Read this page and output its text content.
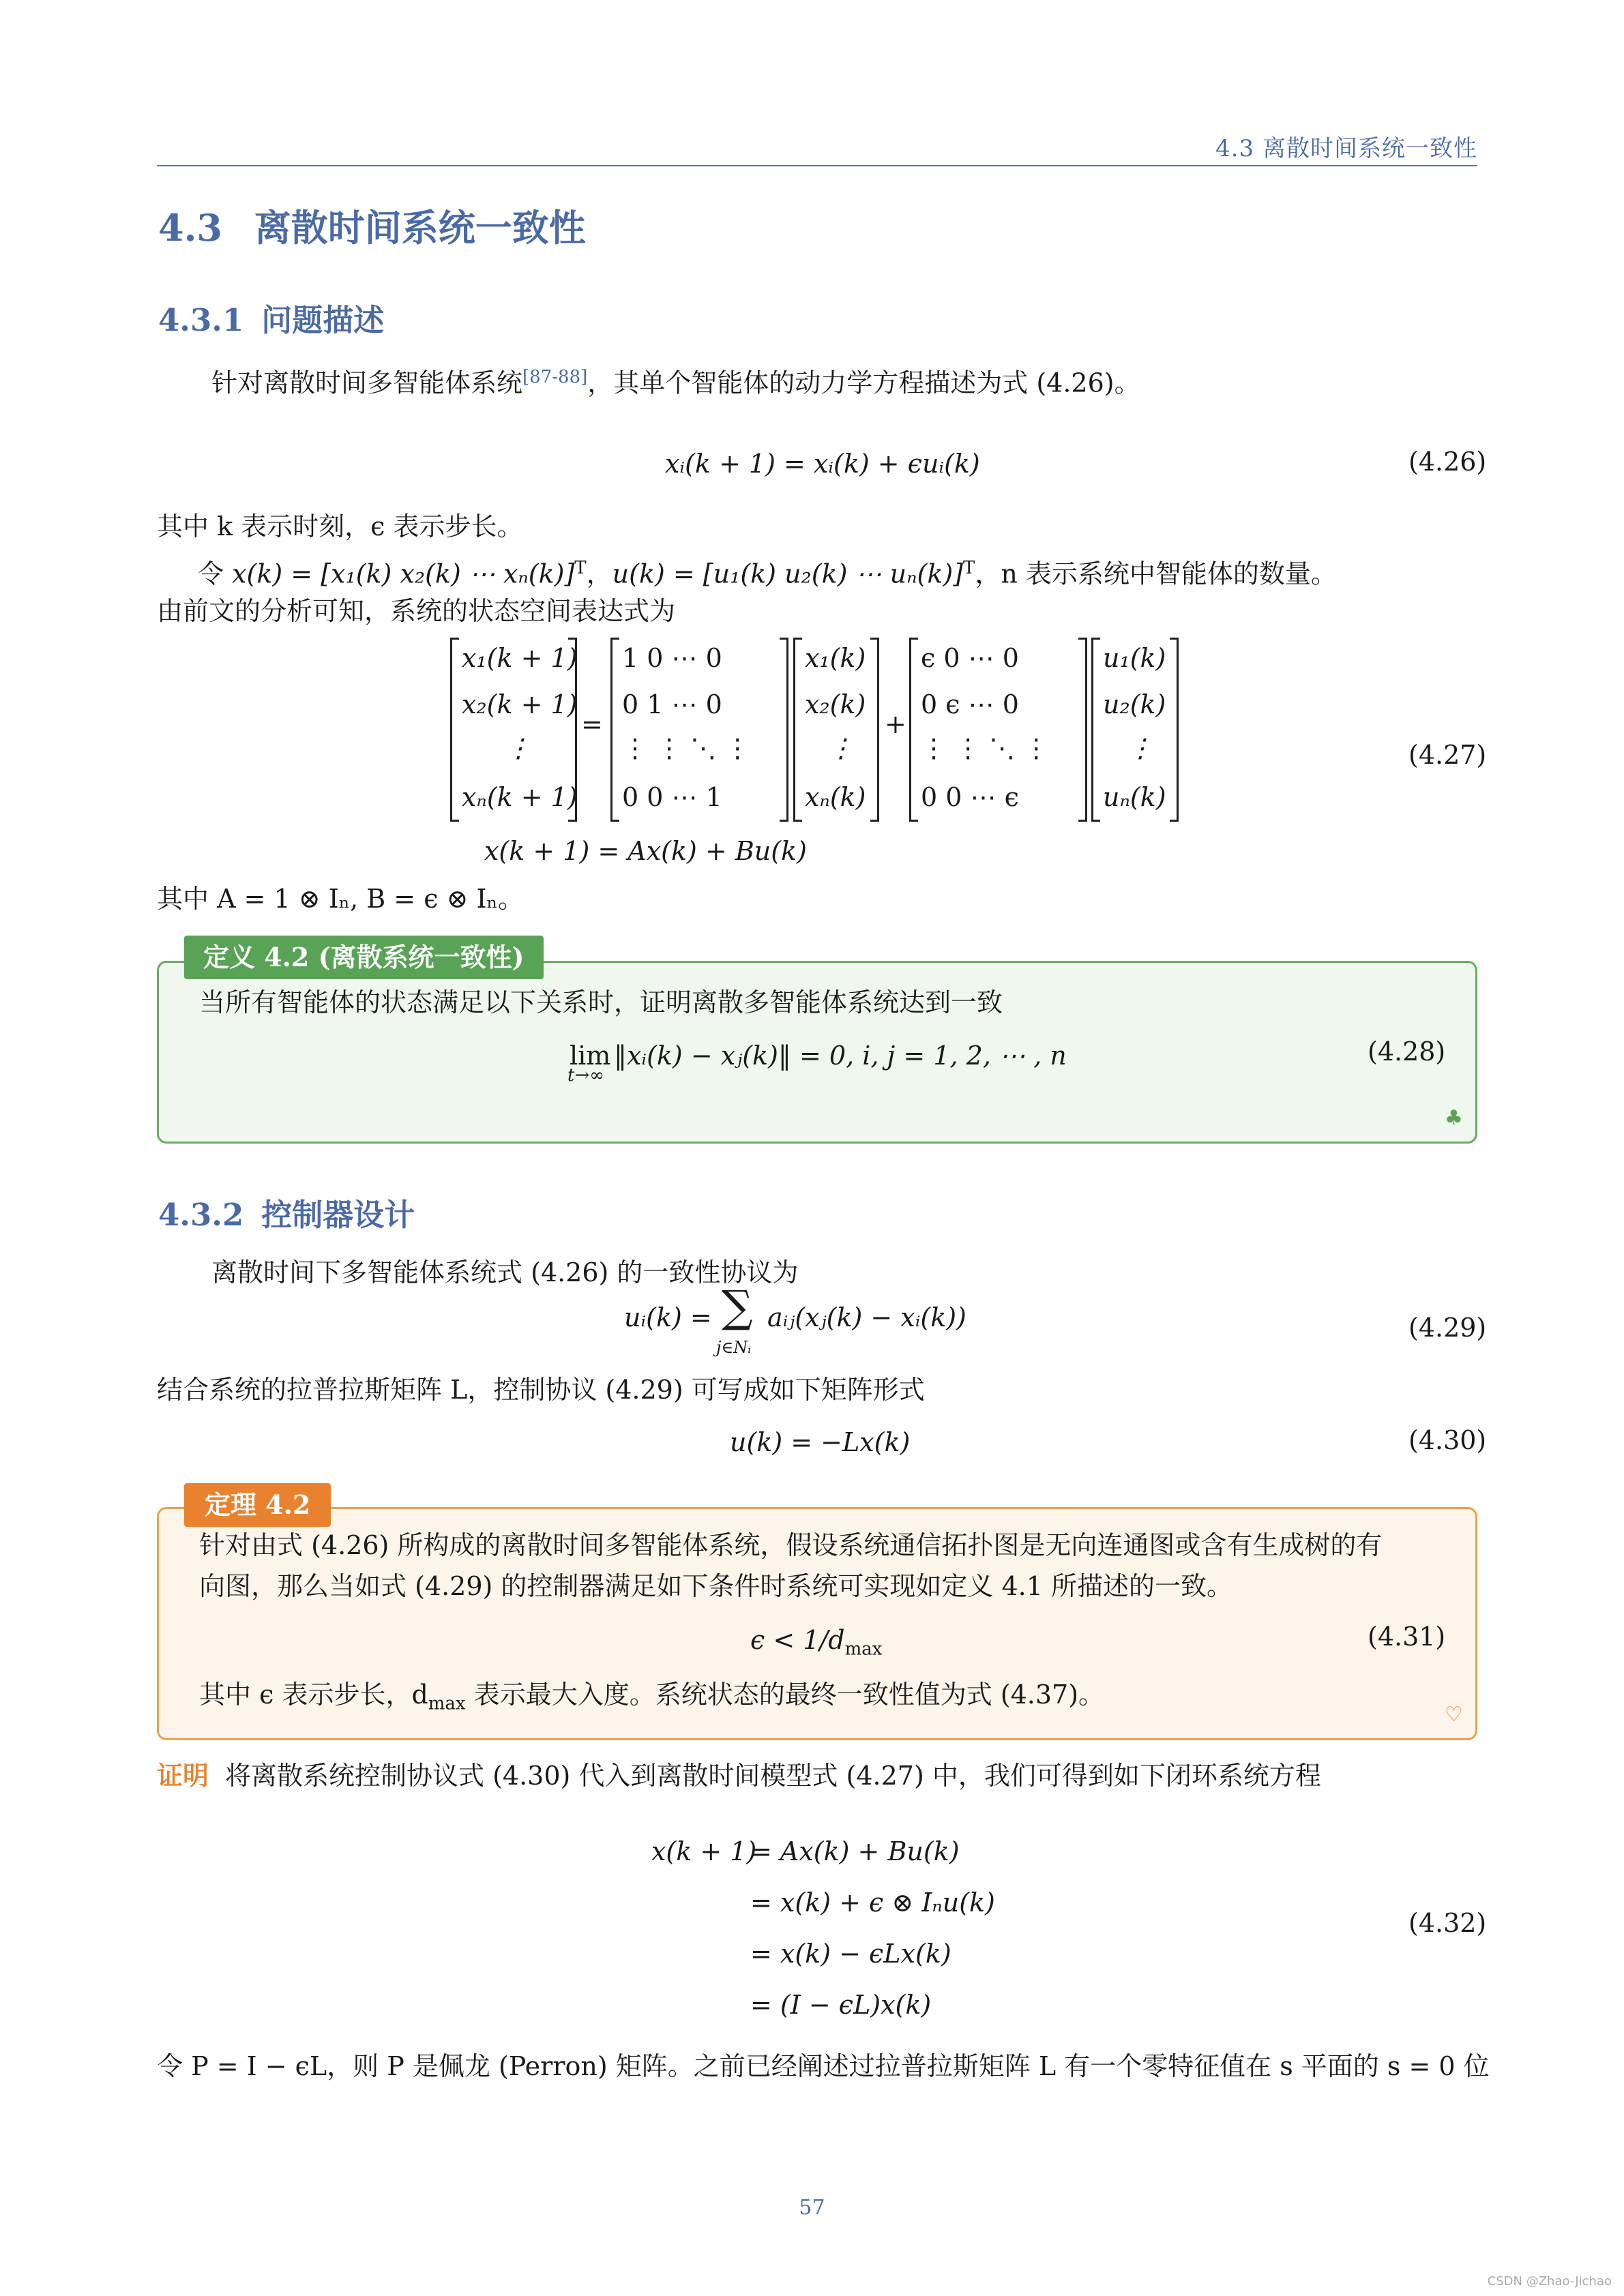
4.3 离散时间系统一致性
4.3 离散时间系统一致性
4.3.1 问题描述
针对离散时间多智能体系统[87-88]，其单个智能体的动力学方程描述为式 (4.26)。
xᵢ(k + 1) = xᵢ(k) + ϵuᵢ(k)	(4.26)
其中 k 表示时刻，ϵ 表示步长。
令 x(k) = [x₁(k) x₂(k) ⋯ xₙ(k)]$^T$，u(k) = [u₁(k) u₂(k) ⋯ uₙ(k)]$^T$，n 表示系统中智能体的数量。
由前文的分析可知，系统的状态空间表达式为
x₁(k + 1)
x₂(k + 1)
⋮
xₙ(k + 1)
=
1 0 ⋯ 0
0 1 ⋯ 0
⋮ ⋮ ⋱ ⋮
0 0 ⋯ 1
x₁(k)
x₂(k)
⋮
xₙ(k)
+
ϵ 0 ⋯ 0
0 ϵ ⋯ 0
⋮ ⋮ ⋱ ⋮
0 0 ⋯ ϵ
u₁(k)
u₂(k)
⋮
uₙ(k)
(4.27)
x(k + 1) = Ax(k) + Bu(k)
其中 A = 1 ⊗ Iₙ, B = ϵ ⊗ Iₙ。
定义 4.2 (离散系统一致性)
当所有智能体的状态满足以下关系时，证明离散多智能体系统达到一致
lim
t→∞
‖xᵢ(k) − xⱼ(k)‖ = 0, i, j = 1, 2, ⋯ , n	(4.28)
♣
4.3.2 控制器设计
离散时间下多智能体系统式 (4.26) 的一致性协议为
uᵢ(k) = ∑
j∈Nᵢ
aᵢⱼ(xⱼ(k) − xᵢ(k))	(4.29)
结合系统的拉普拉斯矩阵 L，控制协议 (4.29) 可写成如下矩阵形式
u(k) = −Lx(k)	(4.30)
定理 4.2
针对由式 (4.26) 所构成的离散时间多智能体系统，假设系统通信拓扑图是无向连通图或含有生成树的有
向图，那么当如式 (4.29) 的控制器满足如下条件时系统可实现如定义 4.1 所描述的一致。
$\epsilon < 1/d_{max}$	(4.31)
其中 ϵ 表示步长，$d_{max}$ 表示最大入度。系统状态的最终一致性值为式 (4.37)。
♡
证明 将离散系统控制协议式 (4.30) 代入到离散时间模型式 (4.27) 中，我们可得到如下闭环系统方程
x(k + 1)
= Ax(k) + Bu(k)
= x(k) + ϵ ⊗ Iₙu(k)
= x(k) − ϵLx(k)
= (I − ϵL)x(k)
(4.32)
令 P = I − ϵL，则 P 是佩龙 (Perron) 矩阵。之前已经阐述过拉普拉斯矩阵 L 有一个零特征值在 s 平面的 s = 0 位
57
CSDN @Zhao-Jichao
